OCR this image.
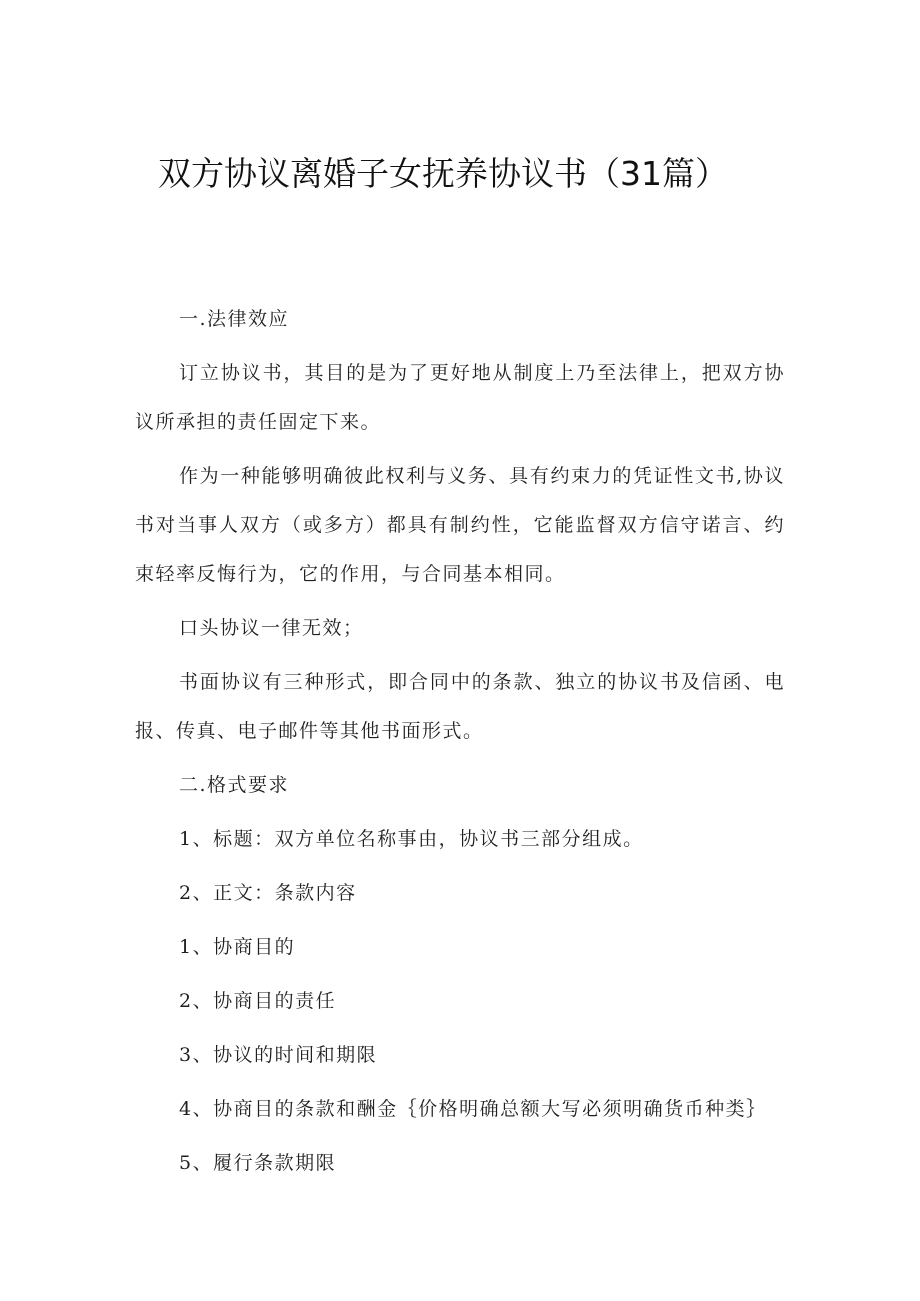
双方协议离婚子女抚养协议书（31篇）

一.法律效应

订立协议书，其目的是为了更好地从制度上乃至法律上，把双方协议所承担的责任固定下来。

作为一种能够明确彼此权利与义务、具有约束力的凭证性文书,协议书对当事人双方（或多方）都具有制约性，它能监督双方信守诺言、约束轻率反悔行为，它的作用，与合同基本相同。

口头协议一律无效；

书面协议有三种形式，即合同中的条款、独立的协议书及信函、电报、传真、电子邮件等其他书面形式。

二.格式要求

1、标题：双方单位名称事由，协议书三部分组成。

2、正文：条款内容

1、协商目的

2、协商目的责任

3、协议的时间和期限

4、协商目的条款和酬金｛价格明确总额大写必须明确货币种类｝

5、履行条款期限
